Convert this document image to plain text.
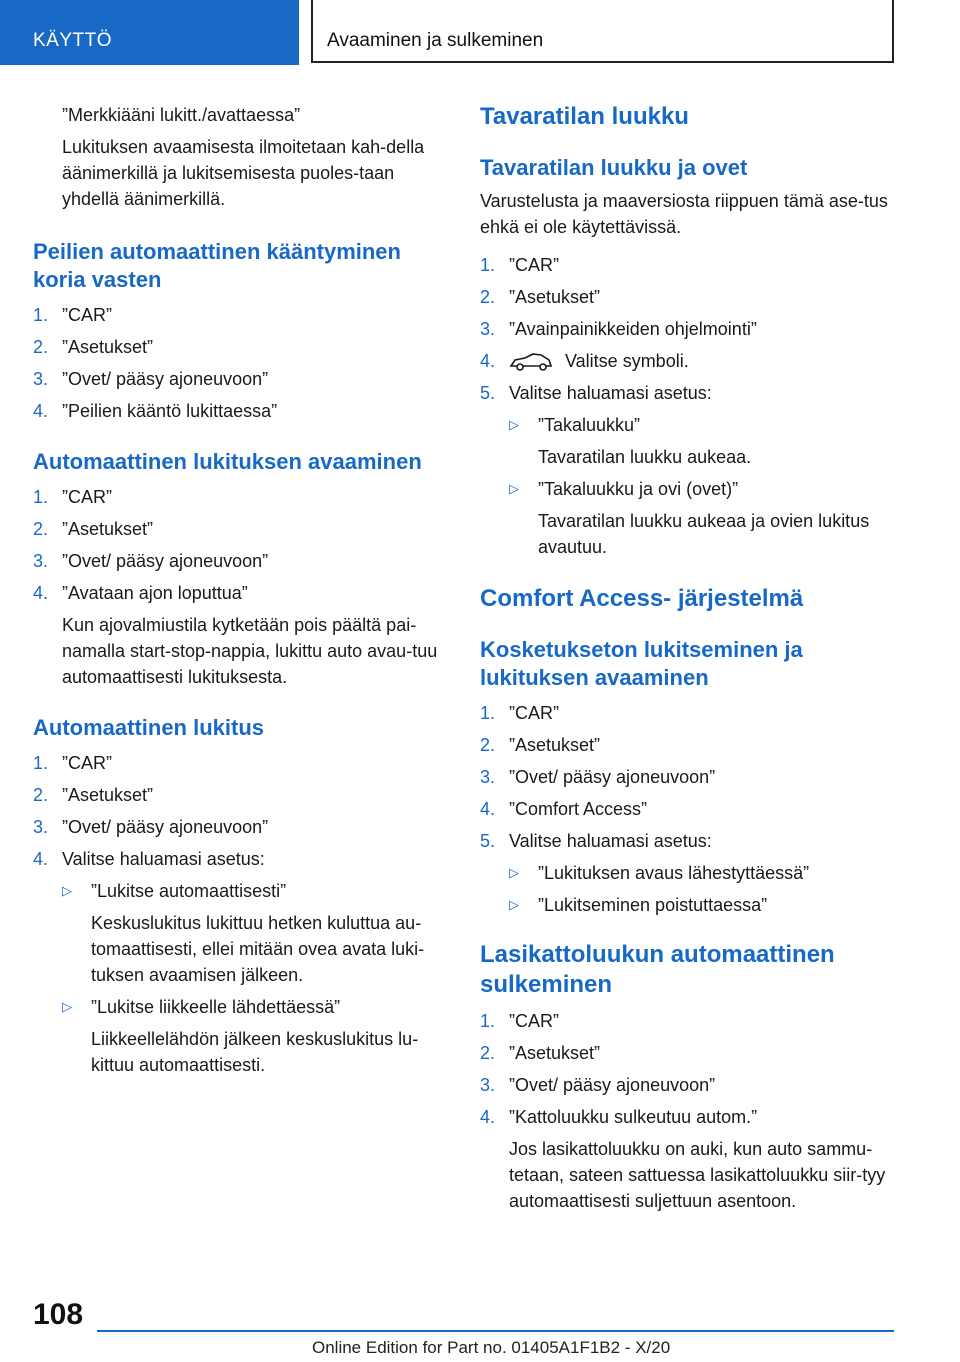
KÄYTTÖ	Avaaminen ja sulkeminen

”Merkkiääni lukitt./avattaessa”

Lukituksen avaamisesta ilmoitetaan kah-della äänimerkillä ja lukitsemisesta puoles-taan yhdellä äänimerkillä.

Peilien automaattinen kääntyminen koria vasten
1. ”CAR”
2. ”Asetukset”
3. ”Ovet/ pääsy ajoneuvoon”
4. ”Peilien kääntö lukittaessa”
Automaattinen lukituksen avaaminen
1. ”CAR”
2. ”Asetukset”
3. ”Ovet/ pääsy ajoneuvoon”
4. ”Avataan ajon loputtua”

Kun ajovalmiustila kytketään pois päältä pai-namalla start-stop-nappia, lukittu auto avau-tuu automaattisesti lukituksesta.

Automaattinen lukitus
1. ”CAR”
2. ”Asetukset”
3. ”Ovet/ pääsy ajoneuvoon”
4. Valitse haluamasi asetus:
▷	”Lukitse automaattisesti”

Keskuslukitus lukittuu hetken kuluttua au-tomaattisesti, ellei mitään ovea avata luki-tuksen avaamisen jälkeen.

▷	”Lukitse liikkeelle lähdettäessä”

Liikkeellelähdön jälkeen keskuslukitus lu-kittuu automaattisesti.

Tavaratilan luukku
Tavaratilan luukku ja ovet

Varustelusta ja maaversiosta riippuen tämä ase-tus ehkä ei ole käytettävissä.

1. ”CAR”
2. ”Asetukset”
3. ”Avainpainikkeiden ohjelmointi”
4.	Valitse symboli.
5. Valitse haluamasi asetus:
▷	”Takaluukku”

Tavaratilan luukku aukeaa.

▷	”Takaluukku ja ovi (ovet)”

Tavaratilan luukku aukeaa ja ovien lukitus avautuu.

Comfort Access- järjestelmä
Kosketukseton lukitseminen ja lukituksen avaaminen
1. ”CAR”
2. ”Asetukset”
3. ”Ovet/ pääsy ajoneuvoon”
4. ”Comfort Access”
5. Valitse haluamasi asetus:
▷	”Lukituksen avaus lähestyttäessä”
▷	”Lukitseminen poistuttaessa”
Lasikattoluukun automaattinen sulkeminen
1. ”CAR”
2. ”Asetukset”
3. ”Ovet/ pääsy ajoneuvoon”
4. ”Kattoluukku sulkeutuu autom.”

Jos lasikattoluukku on auki, kun auto sammu-tetaan, sateen sattuessa lasikattoluukku siir-tyy automaattisesti suljettuun asentoon.

108
Online Edition for Part no. 01405A1F1B2 - X/20
